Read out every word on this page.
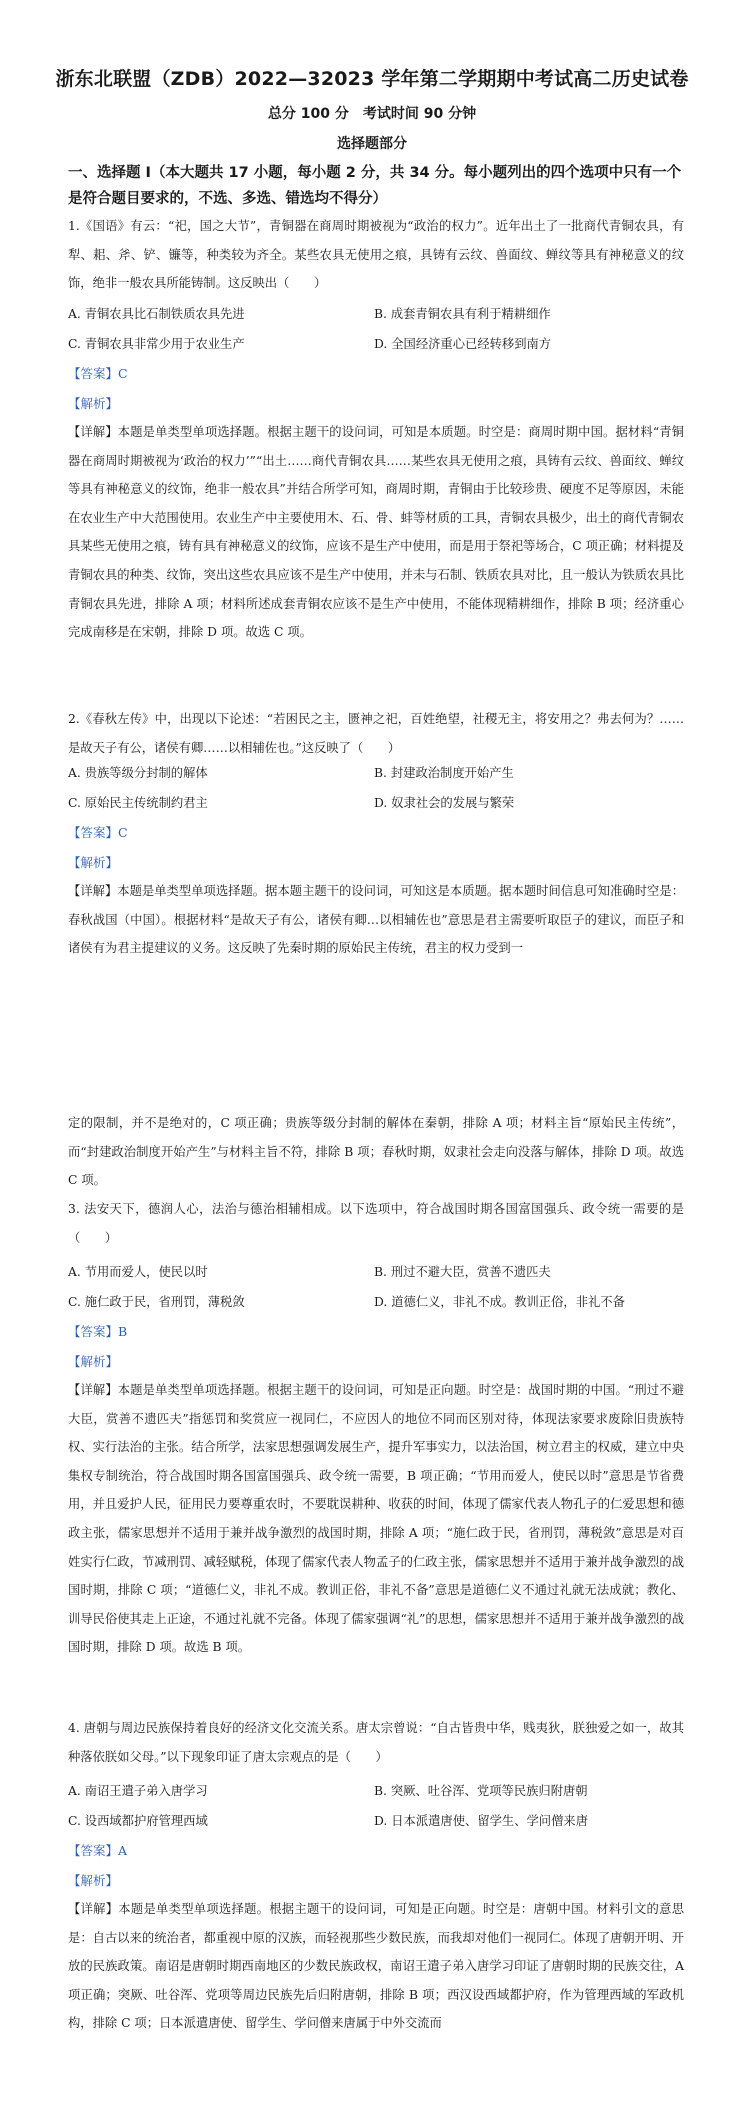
浙东北联盟（ZDB）2022—32023 学年第二学期期中考试高二历史试卷
总分 100 分　考试时间 90 分钟
选择题部分
一、选择题 I（本大题共 17 小题，每小题 2 分，共 34 分。每小题列出的四个选项中只有一个是符合题目要求的，不选、多选、错选均不得分）
1.《国语》有云：“祀，国之大节”，青铜器在商周时期被视为“政治的权力”。近年出土了一批商代青铜农具，有犁、耜、斧、铲、镰等，种类较为齐全。某些农具无使用之痕，具铸有云纹、兽面纹、蝉纹等具有神秘意义的纹饰，绝非一般农具所能铸制。这反映出（　　）
A. 青铜农具比石制铁质农具先进	B. 成套青铜农具有利于精耕细作
C. 青铜农具非常少用于农业生产	D. 全国经济重心已经转移到南方
【答案】C
【解析】
【详解】本题是单类型单项选择题。根据主题干的设问词，可知是本质题。时空是：商周时期中国。据材料“青铜器在商周时期被视为‘政治的权力’”“出土……商代青铜农具……某些农具无使用之痕，具铸有云纹、兽面纹、蝉纹等具有神秘意义的纹饰，绝非一般农具”并结合所学可知，商周时期，青铜由于比较珍贵、硬度不足等原因，未能在农业生产中大范围使用。农业生产中主要使用木、石、骨、蚌等材质的工具，青铜农具极少，出土的商代青铜农具某些无使用之痕，铸有具有神秘意义的纹饰，应该不是生产中使用，而是用于祭祀等场合，C 项正确；材料提及青铜农具的种类、纹饰，突出这些农具应该不是生产中使用，并未与石制、铁质农具对比，且一般认为铁质农具比青铜农具先进，排除 A 项；材料所述成套青铜农应该不是生产中使用，不能体现精耕细作，排除 B 项；经济重心完成南移是在宋朝，排除 D 项。故选 C 项。
2.《春秋左传》中，出现以下论述：“若困民之主，匮神之祀，百姓绝望，社稷无主，将安用之？弗去何为？……是故天子有公，诸侯有卿……以相辅佐也。”这反映了（　　）
A. 贵族等级分封制的解体	B. 封建政治制度开始产生
C. 原始民主传统制约君主	D. 奴隶社会的发展与繁荣
【答案】C
【解析】
【详解】本题是单类型单项选择题。据本题主题干的设问词，可知这是本质题。据本题时间信息可知准确时空是：春秋战国（中国）。根据材料“是故天子有公，诸侯有卿…以相辅佐也”意思是君主需要听取臣子的建议，而臣子和诸侯有为君主提建议的义务。这反映了先秦时期的原始民主传统，君主的权力受到一
定的限制，并不是绝对的，C 项正确；贵族等级分封制的解体在秦朝，排除 A 项；材料主旨“原始民主传统”，而“封建政治制度开始产生”与材料主旨不符，排除 B 项；春秋时期，奴隶社会走向没落与解体，排除 D 项。故选 C 项。
3. 法安天下，德润人心，法治与德治相辅相成。以下选项中，符合战国时期各国富国强兵、政令统一需要的是（　　）
A. 节用而爱人，使民以时	B. 刑过不避大臣，赏善不遗匹夫
C. 施仁政于民，省刑罚，薄税敛	D. 道德仁义，非礼不成。教训正俗，非礼不备
【答案】B
【解析】
【详解】本题是单类型单项选择题。根据主题干的设问词，可知是正向题。时空是：战国时期的中国。“刑过不避大臣，赏善不遗匹夫”指惩罚和奖赏应一视同仁，不应因人的地位不同而区别对待，体现法家要求废除旧贵族特权、实行法治的主张。结合所学，法家思想强调发展生产，提升军事实力，以法治国，树立君主的权威，建立中央集权专制统治，符合战国时期各国富国强兵、政令统一需要，B 项正确；“节用而爱人，使民以时”意思是节省费用，并且爱护人民，征用民力要尊重农时，不要耽误耕种、收获的时间，体现了儒家代表人物孔子的仁爱思想和德政主张，儒家思想并不适用于兼并战争激烈的战国时期，排除 A 项；“施仁政于民，省刑罚，薄税敛”意思是对百姓实行仁政，节减刑罚、减轻赋税，体现了儒家代表人物孟子的仁政主张，儒家思想并不适用于兼并战争激烈的战国时期，排除 C 项；“道德仁义，非礼不成。教训正俗，非礼不备”意思是道德仁义不通过礼就无法成就；教化、训导民俗使其走上正途，不通过礼就不完备。体现了儒家强调“礼”的思想，儒家思想并不适用于兼并战争激烈的战国时期，排除 D 项。故选 B 项。
4. 唐朝与周边民族保持着良好的经济文化交流关系。唐太宗曾说：“自古皆贵中华，贱夷狄，朕独爱之如一，故其种落依朕如父母。”以下现象印证了唐太宗观点的是（　　）
A. 南诏王遣子弟入唐学习	B. 突厥、吐谷浑、党项等民族归附唐朝
C. 设西域都护府管理西域	D. 日本派遣唐使、留学生、学问僧来唐
【答案】A
【解析】
【详解】本题是单类型单项选择题。根据主题干的设问词，可知是正向题。时空是：唐朝中国。材料引文的意思是：自古以来的统治者，都重视中原的汉族，而轻视那些少数民族，而我却对他们一视同仁。体现了唐朝开明、开放的民族政策。南诏是唐朝时期西南地区的少数民族政权，南诏王遣子弟入唐学习印证了唐朝时期的民族交往，A 项正确；突厥、吐谷浑、党项等周边民族先后归附唐朝，排除 B 项；西汉设西域都护府，作为管理西域的军政机构，排除 C 项；日本派遣唐使、留学生、学问僧来唐属于中外交流而
